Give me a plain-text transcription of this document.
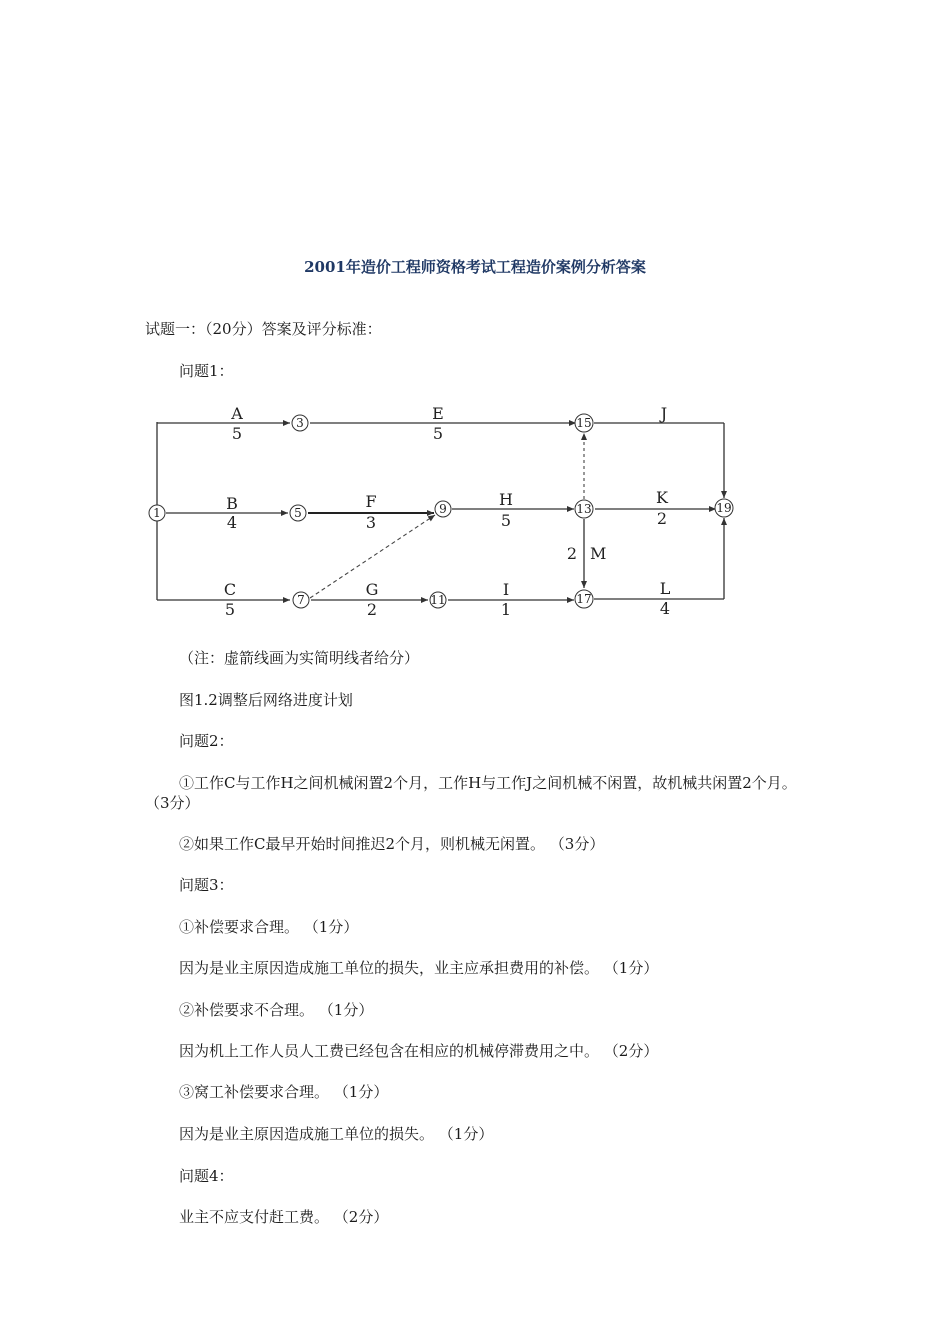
2001年造价工程师资格考试工程造价案例分析答案
试题一：（20分）答案及评分标准：
问题1：
1
3
5
7
9
11
13
15
17
19
A
5
E
5
J
B
4
F
3
H
5
K
2
2 M
C
5
G
2
I
1
L
4
（注：虚箭线画为实简明线者给分）
图1.2调整后网络进度计划
问题2：
①工作C与工作H之间机械闲置2个月，工作H与工作J之间机械不闲置，故机械共闲置2个月。 （3分）
②如果工作C最早开始时间推迟2个月，则机械无闲置。 （3分）
问题3：
①补偿要求合理。 （1分）
因为是业主原因造成施工单位的损失，业主应承担费用的补偿。 （1分）
②补偿要求不合理。 （1分）
因为机上工作人员人工费已经包含在相应的机械停滞费用之中。 （2分）
③窝工补偿要求合理。 （1分）
因为是业主原因造成施工单位的损失。 （1分）
问题4：
业主不应支付赶工费。 （2分）
